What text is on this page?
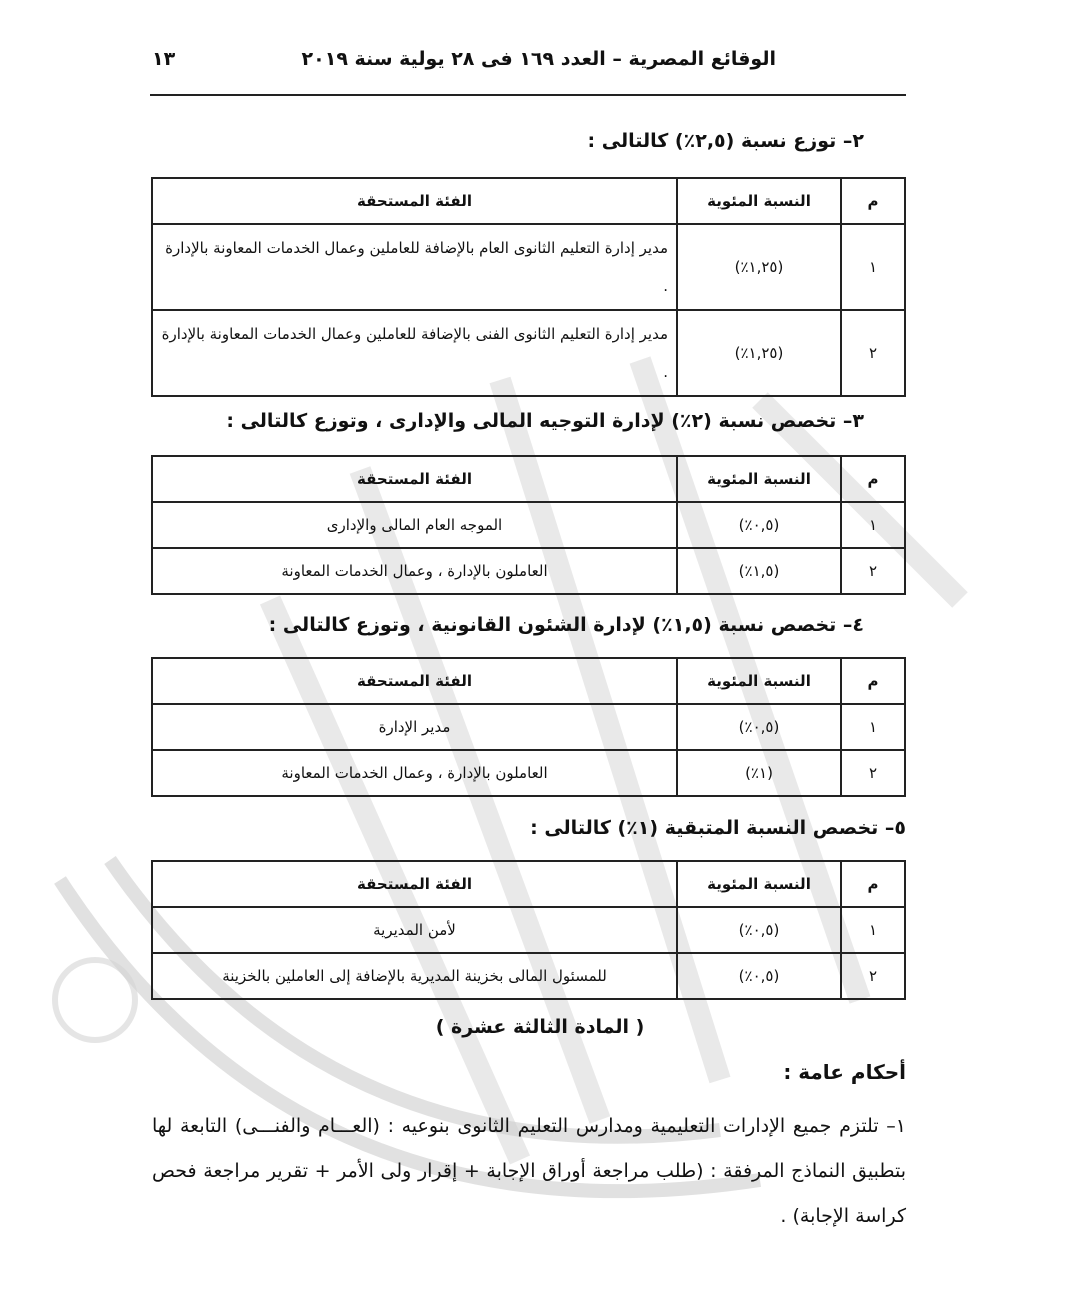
الوقائع المصرية – العدد ١٦٩ فى ٢٨ يولية سنة ٢٠١٩
١٣
٢– توزع نسبة (٢,٥٪) كالتالى :
م	النسبة المئوية	الفئة المستحقة
١	(١,٢٥٪)	مدير إدارة التعليم الثانوى العام بالإضافة للعاملين وعمال الخدمات المعاونة بالإدارة .
٢	(١,٢٥٪)	مدير إدارة التعليم الثانوى الفنى بالإضافة للعاملين وعمال الخدمات المعاونة بالإدارة .
٣– تخصص نسبة (٢٪) لإدارة التوجيه المالى والإدارى ، وتوزع كالتالى :
م	النسبة المئوية	الفئة المستحقة
١	(٠,٥٪)	الموجه العام المالى والإدارى
٢	(١,٥٪)	العاملون بالإدارة ، وعمال الخدمات المعاونة
٤– تخصص نسبة (١,٥٪) لإدارة الشئون القانونية ، وتوزع كالتالى :
م	النسبة المئوية	الفئة المستحقة
١	(٠,٥٪)	مدير الإدارة
٢	(١٪)	العاملون بالإدارة ، وعمال الخدمات المعاونة
٥– تخصص النسبة المتبقية (١٪) كالتالى :
م	النسبة المئوية	الفئة المستحقة
١	(٠,٥٪)	لأمن المديرية
٢	(٠,٥٪)	للمسئول المالى بخزينة المديرية بالإضافة إلى العاملين بالخزينة
( المادة الثالثة عشرة )
أحكام عامة :
١– تلتزم جميع الإدارات التعليمية ومدارس التعليم الثانوى بنوعيه : (العـــام والفنـــى) التابعة لها بتطبيق النماذج المرفقة : (طلب مراجعة أوراق الإجابة + إقرار ولى الأمر + تقرير مراجعة فحص كراسة الإجابة) .
